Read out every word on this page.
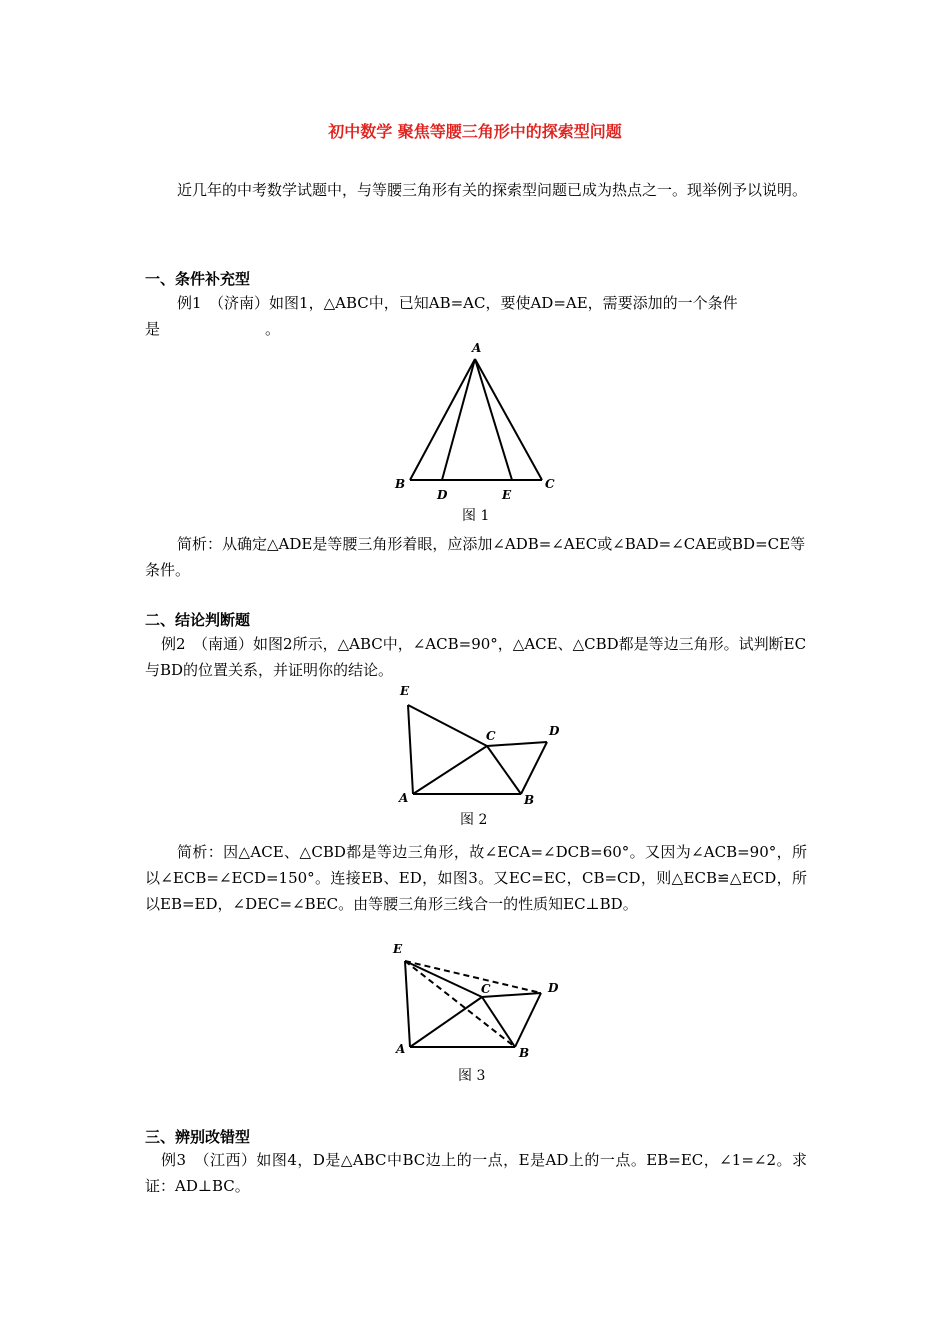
初中数学 聚焦等腰三角形中的探索型问题

近几年的中考数学试题中，与等腰三角形有关的探索型问题已成为热点之一。现举例予以说明。

一、条件补充型

例1　（济南）如图1，△ABC中，已知AB=AC，要使AD=AE，需要添加的一个条件是　　　　　　　。

A
B	C
D	E
图 1

简析：从确定△ADE是等腰三角形着眼，应添加∠ADB=∠AEC或∠BAD=∠CAE或BD=CE等条件。

二、结论判断题

例2　（南通）如图2所示，△ABC中，∠ACB=90°，△ACE、△CBD都是等边三角形。试判断EC与BD的位置关系，并证明你的结论。

E
C	D
A	B
图 2

简析：因△ACE、△CBD都是等边三角形，故∠ECA=∠DCB=60°。又因为∠ACB=90°，所以∠ECB=∠ECD=150°。连接EB、ED，如图3。又EC=EC，CB=CD，则△ECB≌△ECD，所以EB=ED，∠DEC=∠BEC。由等腰三角形三线合一的性质知EC⊥BD。

E
C	D
A	B
图 3
三、辨别改错型

例3　（江西）如图4，D是△ABC中BC边上的一点，E是AD上的一点。EB=EC，∠1=∠2。求证：AD⊥BC。
